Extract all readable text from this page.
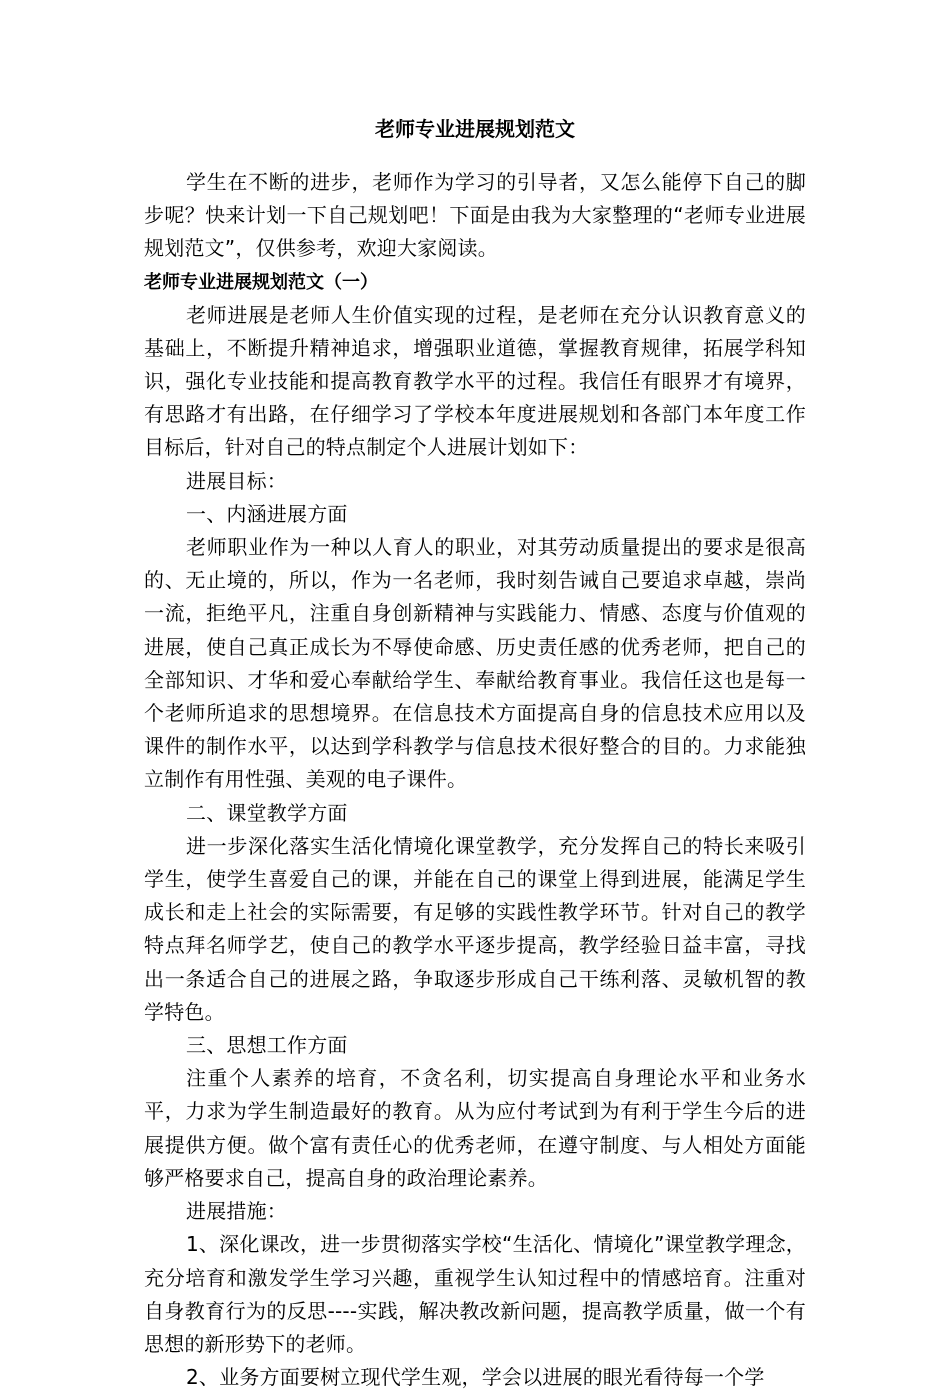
老师专业进展规划范文

学生在不断的进步，老师作为学习的引导者，又怎么能停下自己的脚步呢？快来计划一下自己规划吧！下面是由我为大家整理的“老师专业进展规划范文”，仅供参考，欢迎大家阅读。

老师专业进展规划范文（一）

老师进展是老师人生价值实现的过程，是老师在充分认识教育意义的基础上，不断提升精神追求，增强职业道德，掌握教育规律，拓展学科知识，强化专业技能和提高教育教学水平的过程。我信任有眼界才有境界，有思路才有出路，在仔细学习了学校本年度进展规划和各部门本年度工作目标后，针对自己的特点制定个人进展计划如下：

进展目标：

一、内涵进展方面

老师职业作为一种以人育人的职业，对其劳动质量提出的要求是很高的、无止境的，所以，作为一名老师，我时刻告诫自己要追求卓越，崇尚一流，拒绝平凡，注重自身创新精神与实践能力、情感、态度与价值观的进展，使自己真正成长为不辱使命感、历史责任感的优秀老师，把自己的全部知识、才华和爱心奉献给学生、奉献给教育事业。我信任这也是每一个老师所追求的思想境界。在信息技术方面提高自身的信息技术应用以及课件的制作水平，以达到学科教学与信息技术很好整合的目的。力求能独立制作有用性强、美观的电子课件。

二、课堂教学方面

进一步深化落实生活化情境化课堂教学，充分发挥自己的特长来吸引学生，使学生喜爱自己的课，并能在自己的课堂上得到进展，能满足学生成长和走上社会的实际需要，有足够的实践性教学环节。针对自己的教学特点拜名师学艺，使自己的教学水平逐步提高，教学经验日益丰富，寻找出一条适合自己的进展之路，争取逐步形成自己干练利落、灵敏机智的教学特色。

三、思想工作方面

注重个人素养的培育，不贪名利，切实提高自身理论水平和业务水平，力求为学生制造最好的教育。从为应付考试到为有利于学生今后的进展提供方便。做个富有责任心的优秀老师，在遵守制度、与人相处方面能够严格要求自己，提高自身的政治理论素养。

进展措施：

1、深化课改，进一步贯彻落实学校“生活化、情境化”课堂教学理念，充分培育和激发学生学习兴趣，重视学生认知过程中的情感培育。注重对自身教育行为的反思----实践，解决教改新问题，提高教学质量，做一个有思想的新形势下的老师。

2、业务方面要树立现代学生观，学会以进展的眼光看待每一个学
